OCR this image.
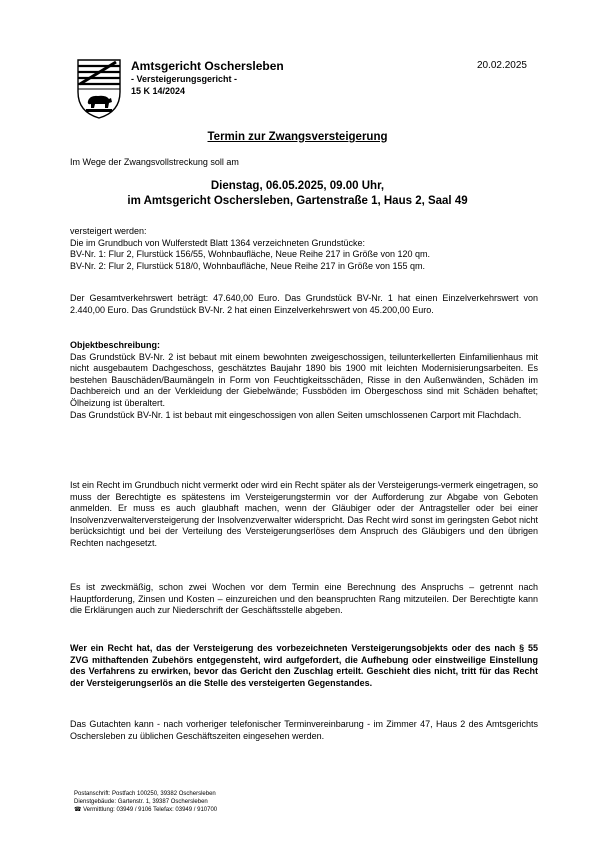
Amtsgericht Oschersleben
- Versteigerungsgericht -
15 K 14/2024
20.02.2025
Termin zur Zwangsversteigerung
Im Wege der Zwangsvollstreckung soll am
Dienstag, 06.05.2025, 09.00 Uhr,
im Amtsgericht Oschersleben, Gartenstraße 1, Haus 2, Saal 49
versteigert werden:
Die im Grundbuch von Wulferstedt Blatt 1364 verzeichneten Grundstücke:
BV-Nr. 1: Flur 2, Flurstück 156/55, Wohnbaufläche, Neue Reihe 217 in Größe von 120 qm.
BV-Nr. 2: Flur 2, Flurstück 518/0, Wohnbaufläche, Neue Reihe 217 in Größe von 155 qm.
Der Gesamtverkehrswert beträgt: 47.640,00 Euro. Das Grundstück BV-Nr. 1 hat einen Einzelverkehrswert von 2.440,00 Euro. Das Grundstück BV-Nr. 2 hat einen Einzelverkehrswert von 45.200,00 Euro.
Objektbeschreibung:

Das Grundstück BV-Nr. 2 ist bebaut mit einem bewohnten zweigeschossigen, teilunterkellerten Einfamilienhaus mit nicht ausgebautem Dachgeschoss, geschätztes Baujahr 1890 bis 1900 mit leichten Modernisierungsarbeiten. Es bestehen Bauschäden/Baumängeln in Form von Feuchtigkeitsschäden, Risse in den Außenwänden, Schäden im Dachbereich und an der Verkleidung der Giebelwände; Fussböden im Obergeschoss sind mit Schäden behaftet; Ölheizung ist überaltert.

Das Grundstück BV-Nr. 1 ist bebaut mit eingeschossigen von allen Seiten umschlossenen Carport mit Flachdach.

Ist ein Recht im Grundbuch nicht vermerkt oder wird ein Recht später als der Versteigerungs-vermerk eingetragen, so muss der Berechtigte es spätestens im Versteigerungstermin vor der Aufforderung zur Abgabe von Geboten anmelden. Er muss es auch glaubhaft machen, wenn der Gläubiger oder der Antragsteller oder bei einer Insolvenzverwalterversteigerung der Insolvenzverwalter widerspricht. Das Recht wird sonst im geringsten Gebot nicht berücksichtigt und bei der Verteilung des Versteigerungserlöses dem Anspruch des Gläubigers und den übrigen Rechten nachgesetzt.
Es ist zweckmäßig, schon zwei Wochen vor dem Termin eine Berechnung des Anspruchs – getrennt nach Hauptforderung, Zinsen und Kosten – einzureichen und den beanspruchten Rang mitzuteilen. Der Berechtigte kann die Erklärungen auch zur Niederschrift der Geschäftsstelle abgeben.
Wer ein Recht hat, das der Versteigerung des vorbezeichneten Versteigerungsobjekts oder des nach § 55 ZVG mithaftenden Zubehörs entgegensteht, wird aufgefordert, die Aufhebung oder einstweilige Einstellung des Verfahrens zu erwirken, bevor das Gericht den Zuschlag erteilt. Geschieht dies nicht, tritt für das Recht der Versteigerungserlös an die Stelle des versteigerten Gegenstandes.
Das Gutachten kann - nach vorheriger telefonischer Terminvereinbarung - im Zimmer 47, Haus 2 des Amtsgerichts Oschersleben zu üblichen Geschäftszeiten eingesehen werden.
Postanschrift: Postfach 100250, 39382 Oschersleben
Dienstgebäude: Gartenstr. 1, 39387 Oschersleben
☎ Vermittlung: 03949 / 9106 Telefax: 03949 / 910700
